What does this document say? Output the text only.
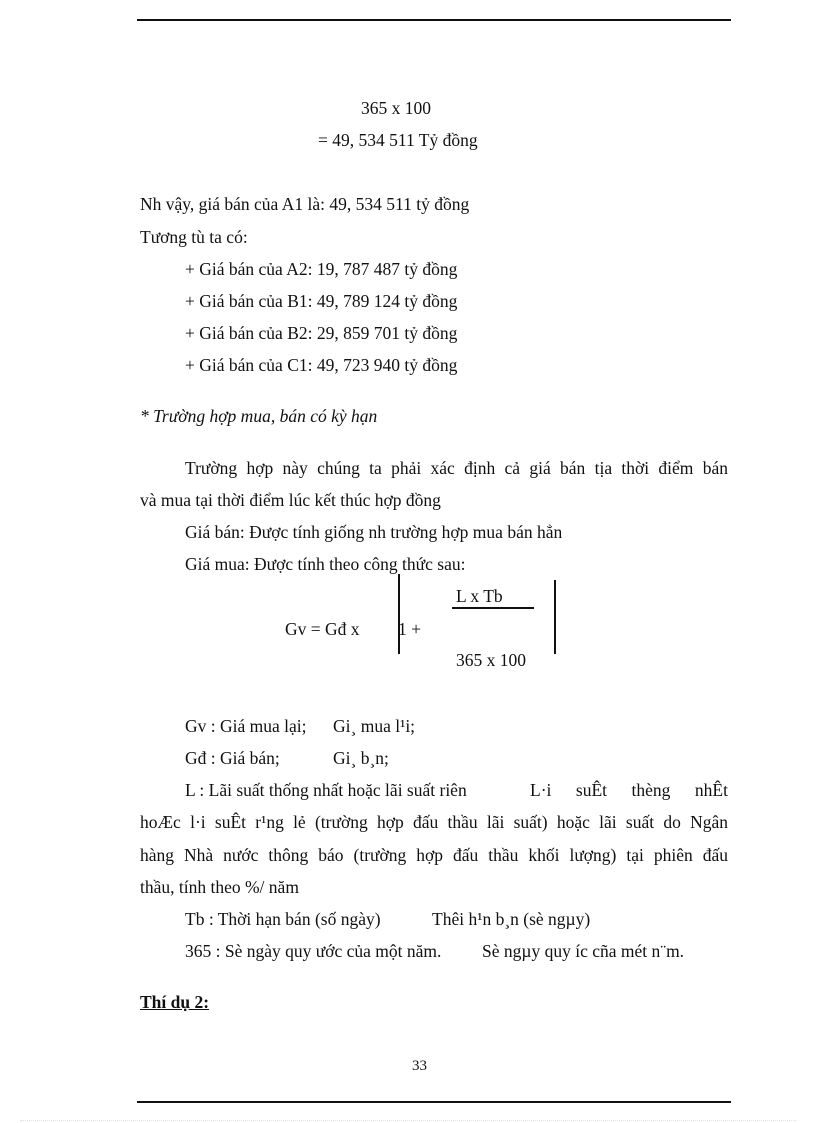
365 x 100
= 49, 534 511 Tỷ đồng
Nh vậy, giá bán của A1 là: 49, 534 511 tỷ đồng
Tương tù ta có:
+ Giá bán của A2: 19, 787 487 tỷ đồng
+ Giá bán của B1: 49, 789 124 tỷ đồng
+ Giá bán của B2: 29, 859 701 tỷ đồng
+ Giá bán của C1: 49, 723 940 tỷ đồng
* Trường hợp mua, bán có kỳ hạn
Trường hợp này chúng ta phải xác định cả giá bán tịa thời điểm bán
và mua tại thời điểm lúc kết thúc hợp đồng
Giá bán: Được tính giống nh trường hợp mua bán hẳn
Giá mua: Được tính theo công thức sau:
Gv = Gđ x 1 +
L x Tb
365 x 100
Gv : Giá mua lại; Gi¸ mua l¹i;
Gđ : Giá bán;	Gi¸ b¸n;
L : Lãi suất thống nhất hoặc lãi suất riên	L·i suÊt thèng nhÊt
hoÆc l·i suÊt r¹ng lẻ (trường hợp đấu thầu lãi suất) hoặc lãi suất do Ngân
hàng Nhà nước thông báo (trường hợp đấu thầu khối lượng) tại phiên đấu
thầu, tính theo %/ năm
Tb : Thời hạn bán (số ngày)	Thêi h¹n b¸n (sè ngµy)
365 : Sè ngày quy ước của một năm. Sè ngµy quy íc cña mét n¨m.
Thí dụ 2:
33
